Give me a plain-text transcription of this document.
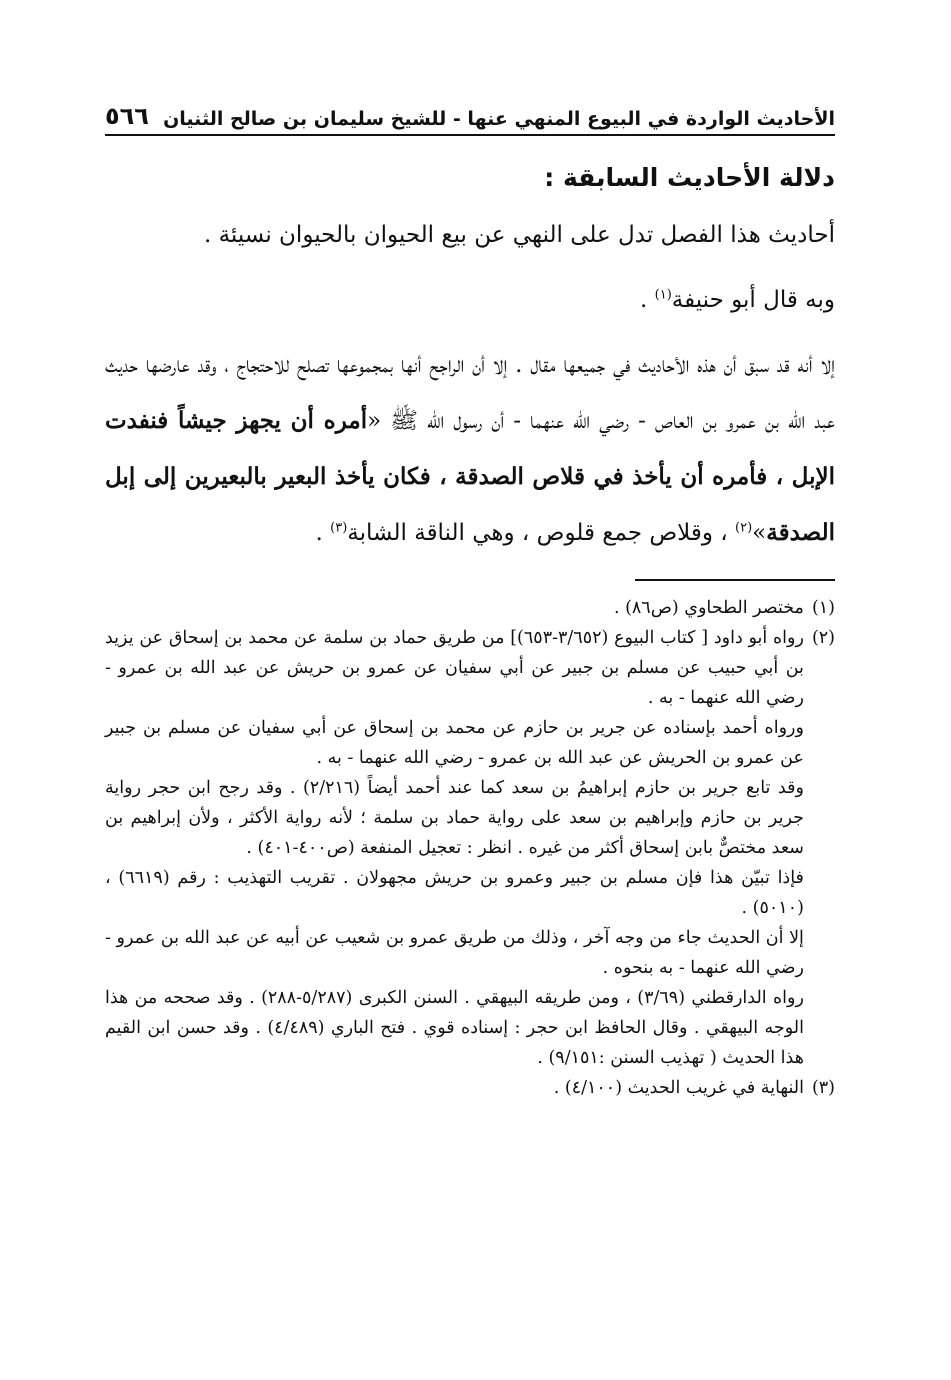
الأحاديث الواردة في البيوع المنهي عنها - للشيخ سليمان بن صالح الثنيان
٥٦٦
دلالة الأحاديث السابقة :

أحاديث هذا الفصل تدل على النهي عن بيع الحيوان بالحيوان نسيئة .

وبه قال أبو حنيفة$^{(١)}$ .

إلا أنه قد سبق أن هذه الأحاديث في جميعها مقال . إلا أن الراجح أنها بمجموعها تصلح للاحتجاج ، وقد عارضها حديث عبد الله بن عمرو بن العاص - رضي الله عنهما - أن رسول الله ﷺ «أمره أن يجهز جيشاً فنفدت الإبل ، فأمره أن يأخذ في قلاص الصدقة ، فكان يأخذ البعير بالبعيرين إلى إبل الصدقة»$^{(٢)}$ ، وقلاص جمع قلوص ، وهي الناقة الشابة$^{(٣)}$ .

(١)

مختصر الطحاوي (ص٨٦) .

(٢)

رواه أبو داود [ كتاب البيوع (٣/٦٥٢-٦٥٣)] من طريق حماد بن سلمة عن محمد بن إسحاق عن يزيد بن أبي حبيب عن مسلم بن جبير عن أبي سفيان عن عمرو بن حريش عن عبد الله بن عمرو - رضي الله عنهما - به .

ورواه أحمد بإسناده عن جرير بن حازم عن محمد بن إسحاق عن أبي سفيان عن مسلم بن جبير عن عمرو بن الحريش عن عبد الله بن عمرو - رضي الله عنهما - به .

وقد تابع جرير بن حازم إبراهيمُ بن سعد كما عند أحمد أيضاً (٢/٢١٦) . وقد رجح ابن حجر رواية جرير بن حازم وإبراهيم بن سعد على رواية حماد بن سلمة ؛ لأنه رواية الأكثر ، ولأن إبراهيم بن سعد مختصٌّ بابن إسحاق أكثر من غيره . انظر : تعجيل المنفعة (ص٤٠٠-٤٠١) .

فإذا تبيّن هذا فإن مسلم بن جبير وعمرو بن حريش مجهولان . تقريب التهذيب : رقم (٦٦١٩) ، (٥٠١٠) .

إلا أن الحديث جاء من وجه آخر ، وذلك من طريق عمرو بن شعيب عن أبيه عن عبد الله بن عمرو - رضي الله عنهما - به بنحوه .

رواه الدارقطني (٣/٦٩) ، ومن طريقه البيهقي . السنن الكبرى (٥/٢٨٧-٢٨٨) . وقد صححه من هذا الوجه البيهقي . وقال الحافظ ابن حجر : إسناده قوي . فتح الباري (٤/٤٨٩) . وقد حسن ابن القيم هذا الحديث ( تهذيب السنن :٩/١٥١) .

(٣)

النهاية في غريب الحديث (٤/١٠٠) .
